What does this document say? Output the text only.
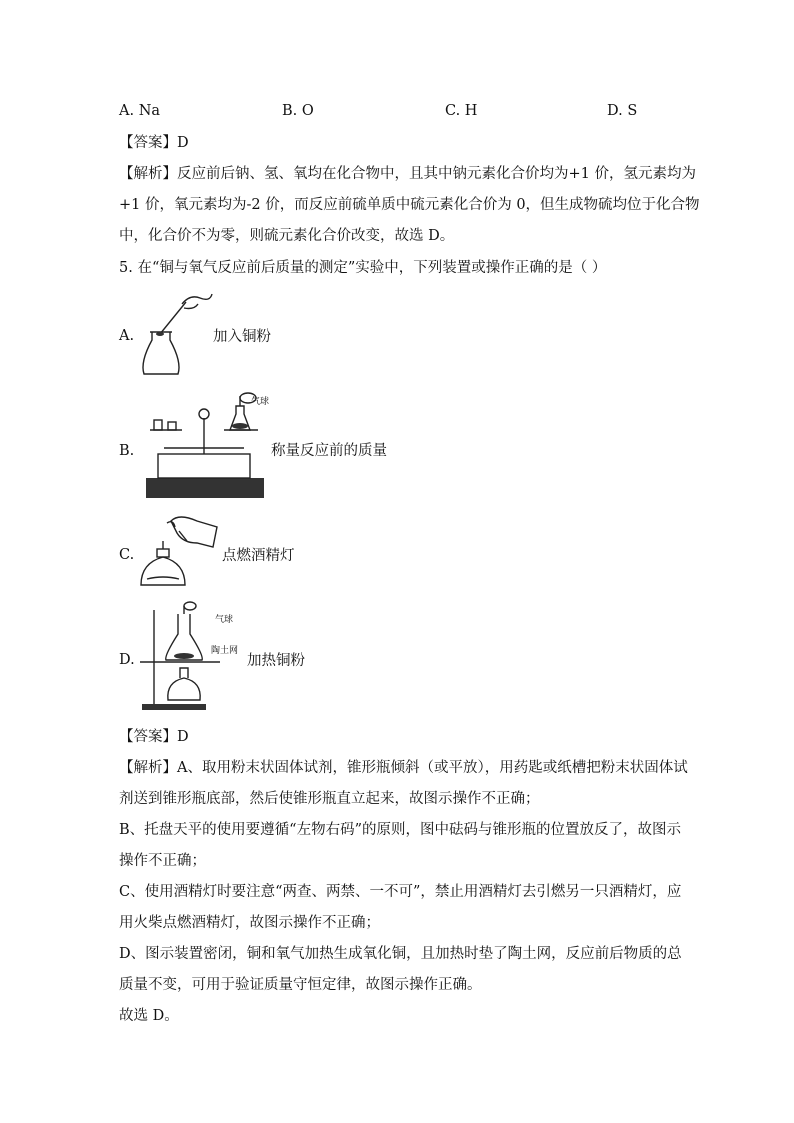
A. Na	B. O	C. H	D. S
【答案】D
【解析】反应前后钠、氢、氧均在化合物中，且其中钠元素化合价均为+1 价，氢元素均为
+1 价，氧元素均为-2 价，而反应前硫单质中硫元素化合价为 0，但生成物硫均位于化合物
中，化合价不为零，则硫元素化合价改变，故选 D。
5. 在“铜与氧气反应前后质量的测定”实验中，下列装置或操作正确的是（ ）
A.	加入铜粉
B.
气球
称量反应前的质量
C.	点燃酒精灯
D.
气球
陶土网
加热铜粉
【答案】D
【解析】A、取用粉末状固体试剂，锥形瓶倾斜（或平放），用药匙或纸槽把粉末状固体试
剂送到锥形瓶底部，然后使锥形瓶直立起来，故图示操作不正确；
B、托盘天平的使用要遵循“左物右码”的原则，图中砝码与锥形瓶的位置放反了，故图示
操作不正确；
C、使用酒精灯时要注意“两查、两禁、一不可”，禁止用酒精灯去引燃另一只酒精灯，应
用火柴点燃酒精灯，故图示操作不正确；
D、图示装置密闭，铜和氧气加热生成氧化铜，且加热时垫了陶土网，反应前后物质的总
质量不变，可用于验证质量守恒定律，故图示操作正确。
故选 D。
